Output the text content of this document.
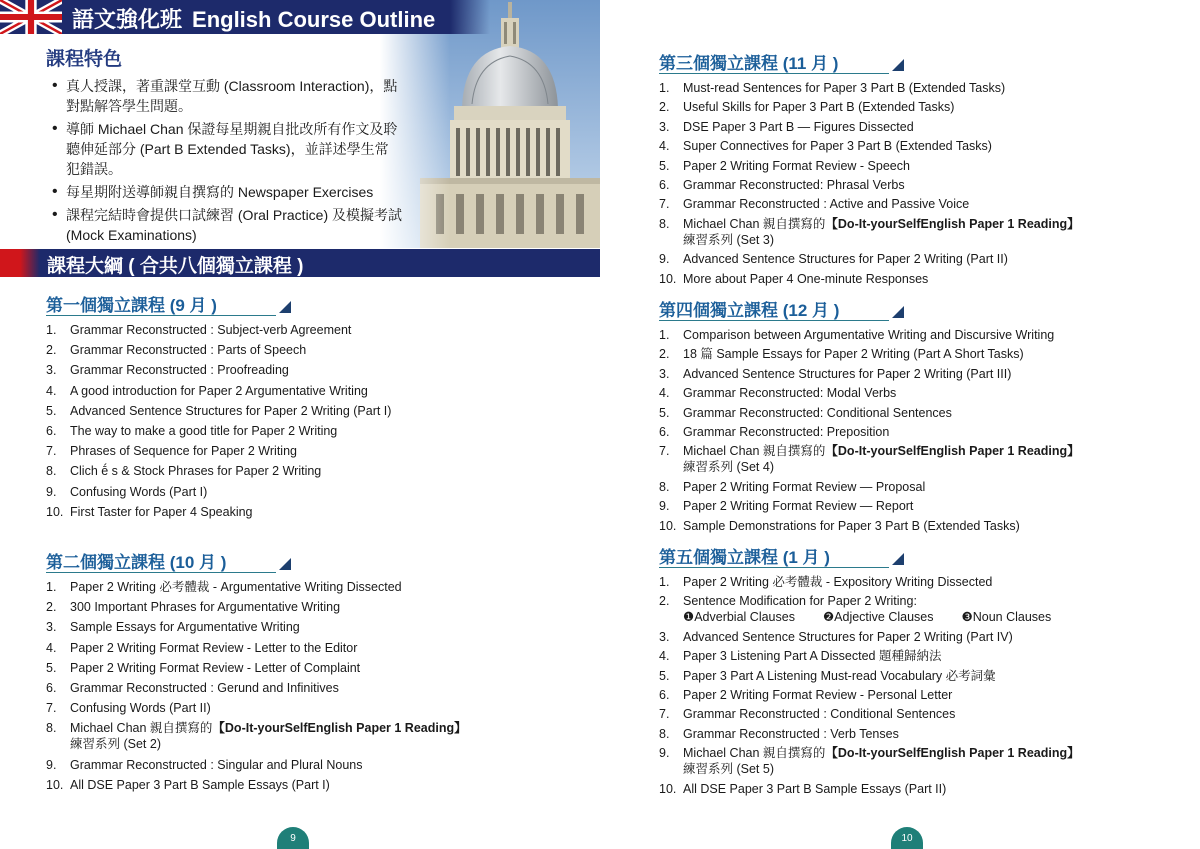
語文強化班 English Course Outline
課程特色
• 真人授課，著重課堂互動 (Classroom Interaction)，點對點解答學生問題。
• 導師 Michael Chan 保證每星期親自批改所有作文及聆聽伸延部分 (Part B Extended Tasks)，並詳述學生常犯錯誤。
• 每星期附送導師親自撰寫的 Newspaper Exercises
• 課程完結時會提供口試練習 (Oral Practice) 及模擬考試 (Mock Examinations)
課程大綱 ( 合共八個獨立課程 )
第一個獨立課程 (9 月 )
1. Grammar Reconstructed : Subject-verb Agreement
2. Grammar Reconstructed : Parts of Speech
3. Grammar Reconstructed : Proofreading
4. A good introduction for Paper 2 Argumentative Writing
5. Advanced Sentence Structures for Paper 2 Writing (Part I)
6. The way to make a good title for Paper 2 Writing
7. Phrases of Sequence for Paper 2 Writing
8. Clich ḗ s & Stock Phrases for Paper 2 Writing
9. Confusing Words (Part I)
10. First Taster for Paper 4 Speaking
第二個獨立課程 (10 月 )
1. Paper 2 Writing 必考體裁 - Argumentative Writing Dissected
2. 300 Important Phrases for Argumentative Writing
3. Sample Essays for Argumentative Writing
4. Paper 2 Writing Format Review - Letter to the Editor
5. Paper 2 Writing Format Review - Letter of Complaint
6. Grammar Reconstructed : Gerund and Infinitives
7. Confusing Words (Part II)
8. Michael Chan 親自撰寫的【Do-It-yourSelfEnglish Paper 1 Reading】
練習系列 (Set 2)
9. Grammar Reconstructed : Singular and Plural Nouns
10. All DSE Paper 3 Part B Sample Essays (Part I)
9
第三個獨立課程 (11 月 )
1. Must-read Sentences for Paper 3 Part B (Extended Tasks)
2. Useful Skills for Paper 3 Part B (Extended Tasks)
3. DSE Paper 3 Part B — Figures Dissected
4. Super Connectives for Paper 3 Part B (Extended Tasks)
5. Paper 2 Writing Format Review - Speech
6. Grammar Reconstructed: Phrasal Verbs
7. Grammar Reconstructed : Active and Passive Voice
8. Michael Chan 親自撰寫的【Do-It-yourSelfEnglish Paper 1 Reading】
練習系列 (Set 3)
9. Advanced Sentence Structures for Paper 2 Writing (Part II)
10. More about Paper 4 One-minute Responses
第四個獨立課程 (12 月 )
1. Comparison between Argumentative Writing and Discursive Writing
2. 18 篇 Sample Essays for Paper 2 Writing (Part A Short Tasks)
3. Advanced Sentence Structures for Paper 2 Writing (Part III)
4. Grammar Reconstructed: Modal Verbs
5. Grammar Reconstructed: Conditional Sentences
6. Grammar Reconstructed: Preposition
7. Michael Chan 親自撰寫的【Do-It-yourSelfEnglish Paper 1 Reading】
練習系列 (Set 4)
8. Paper 2 Writing Format Review — Proposal
9. Paper 2 Writing Format Review — Report
10. Sample Demonstrations for Paper 3 Part B (Extended Tasks)
第五個獨立課程 (1 月 )
1. Paper 2 Writing 必考體裁 - Expository Writing Dissected
2. Sentence Modification for Paper 2 Writing:
❶Adverbial Clauses ❷Adjective Clauses ❸Noun Clauses
3. Advanced Sentence Structures for Paper 2 Writing (Part IV)
4. Paper 3 Listening Part A Dissected 題種歸納法
5. Paper 3 Part A Listening Must-read Vocabulary 必考詞彙
6. Paper 2 Writing Format Review - Personal Letter
7. Grammar Reconstructed : Conditional Sentences
8. Grammar Reconstructed : Verb Tenses
9. Michael Chan 親自撰寫的【Do-It-yourSelfEnglish Paper 1 Reading】
練習系列 (Set 5)
10. All DSE Paper 3 Part B Sample Essays (Part II)
10
